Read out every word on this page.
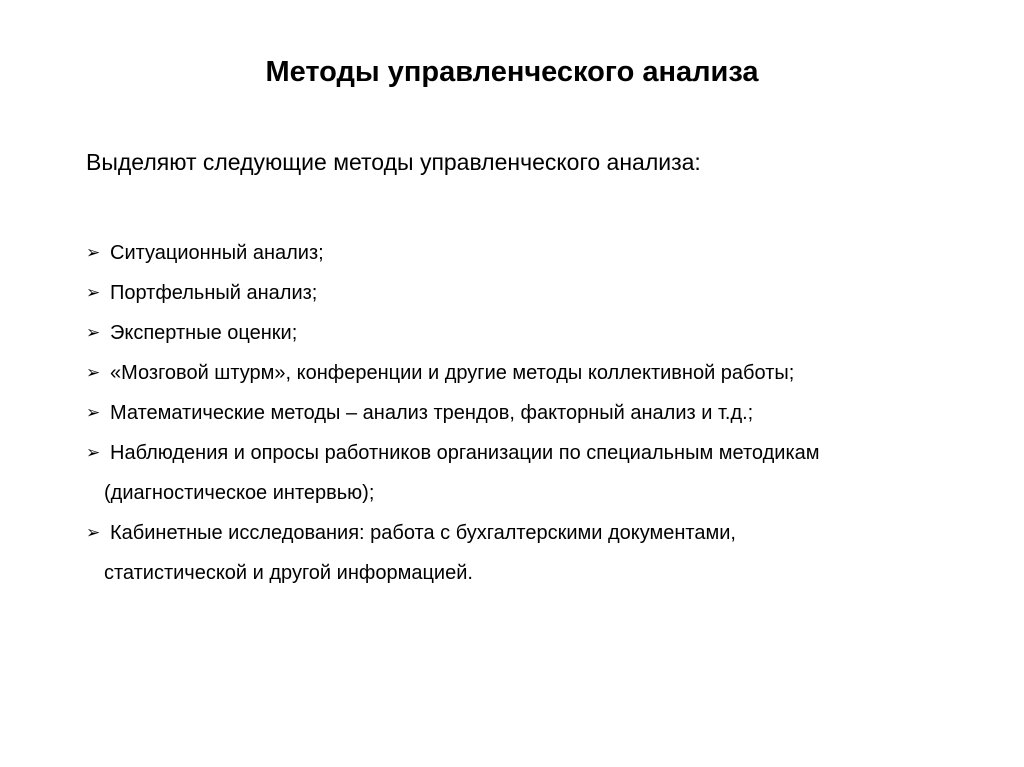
Методы управленческого анализа
Выделяют следующие методы управленческого анализа:
➢ Ситуационный анализ;
➢ Портфельный анализ;
➢ Экспертные оценки;
➢ «Мозговой штурм», конференции и другие методы коллективной работы;
➢ Математические методы – анализ трендов, факторный анализ и т.д.;
➢ Наблюдения и опросы работников организации по специальным методикам
(диагностическое интервью);
➢ Кабинетные исследования: работа с бухгалтерскими документами,
статистической и другой информацией.
